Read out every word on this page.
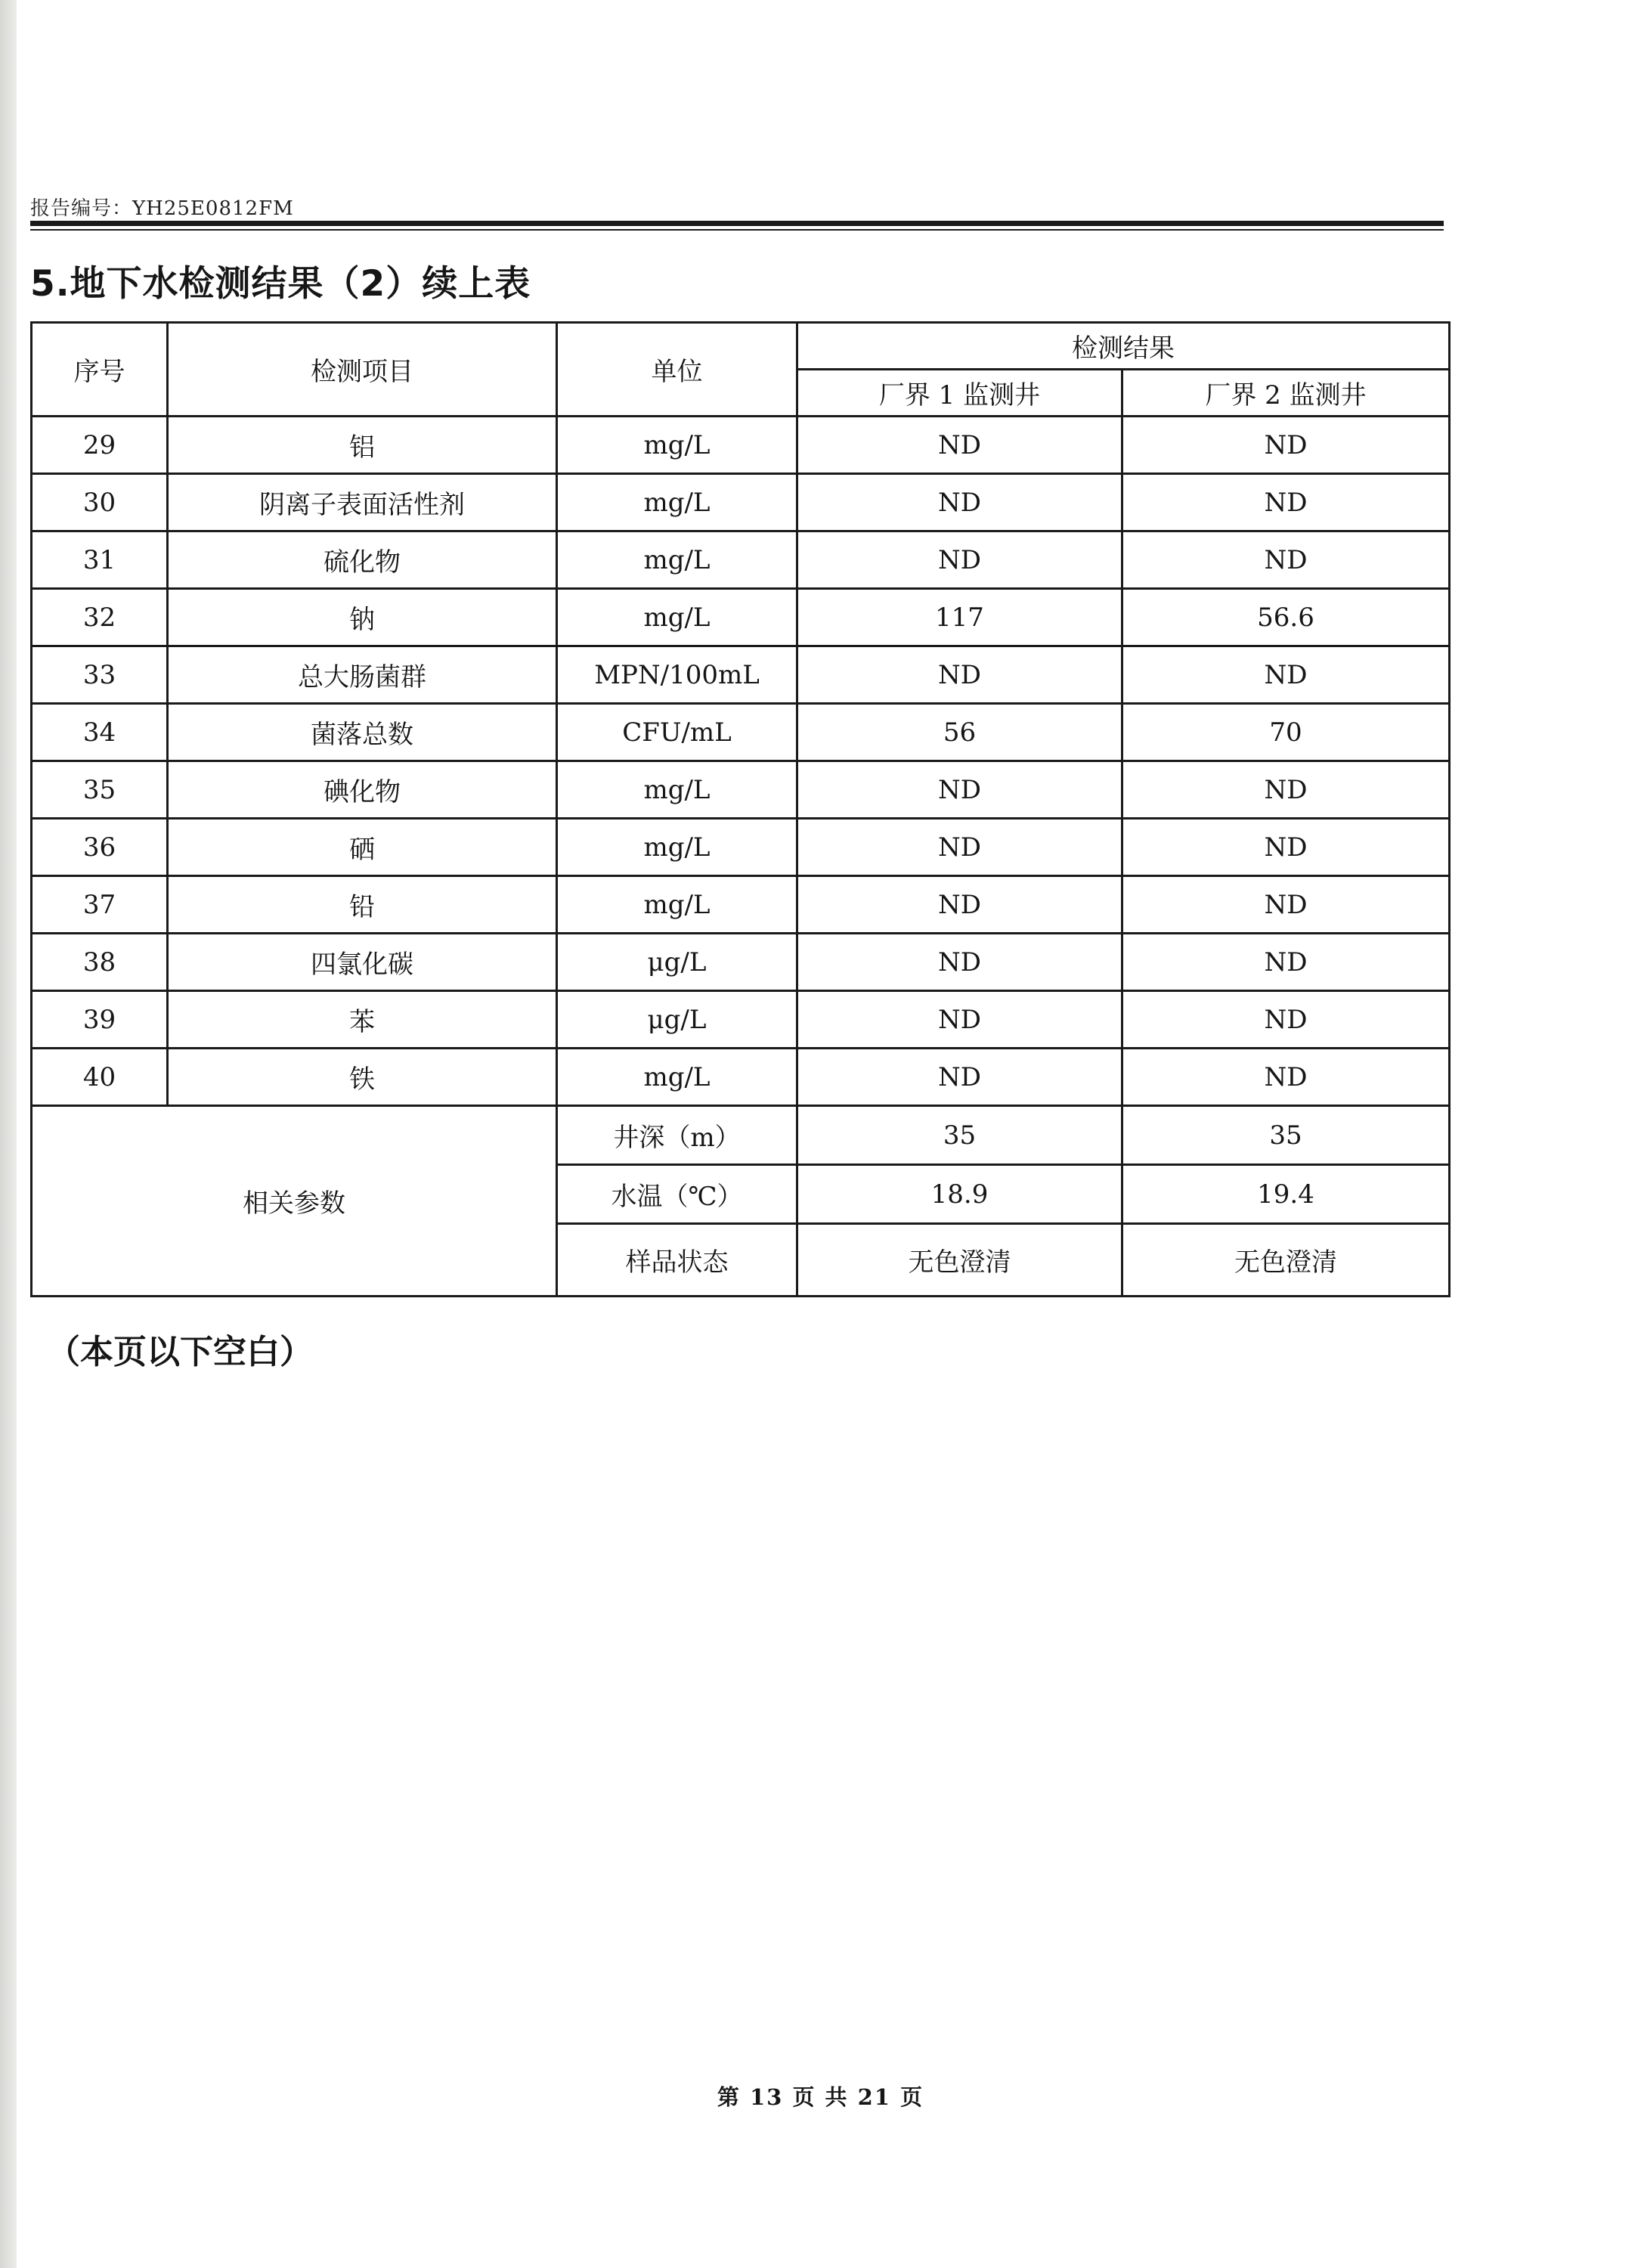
报告编号：YH25E0812FM
5.地下水检测结果（2）续上表
序号	检测项目	单位	检测结果	
			厂界 1 监测井	厂界 2 监测井
29	铝	mg/L	ND	ND
30	阴离子表面活性剂	mg/L	ND	ND
31	硫化物	mg/L	ND	ND
32	钠	mg/L	117	56.6
33	总大肠菌群	MPN/100mL	ND	ND
34	菌落总数	CFU/mL	56	70
35	碘化物	mg/L	ND	ND
36	硒	mg/L	ND	ND
37	铅	mg/L	ND	ND
38	四氯化碳	μg/L	ND	ND
39	苯	μg/L	ND	ND
40	铁	mg/L	ND	ND
相关参数		井深（m）	35	35
		水温（℃）	18.9	19.4
		样品状态	无色澄清	无色澄清
（本页以下空白）
第 13 页 共 21 页
